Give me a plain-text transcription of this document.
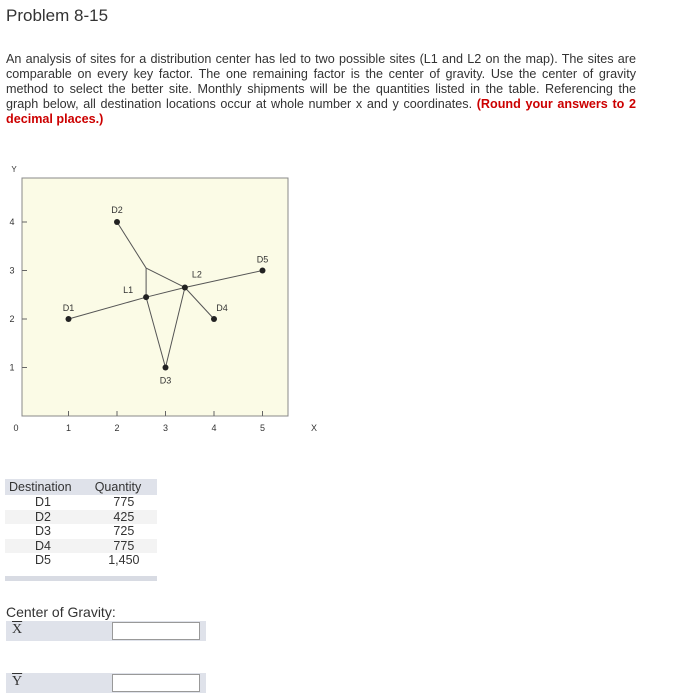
Problem 8-15
An analysis of sites for a distribution center has led to two possible sites (L1 and L2 on the map). The sites are comparable on every key factor. The one remaining factor is the center of gravity. Use the center of gravity method to select the better site. Monthly shipments will be the quantities listed in the table. Referencing the graph below, all destination locations occur at whole number x and y coordinates. (Round your answers to 2 decimal places.)
Y
X
1
2
3
4
0	1	2	3	4	5
D1
D2
D3
D4
D5
L1
L2
Destination	Quantity
D1	775
D2	425
D3	725
D4	775
D5	1,450
Center of Gravity:
$\overline{X}$
$\overline{Y}$
